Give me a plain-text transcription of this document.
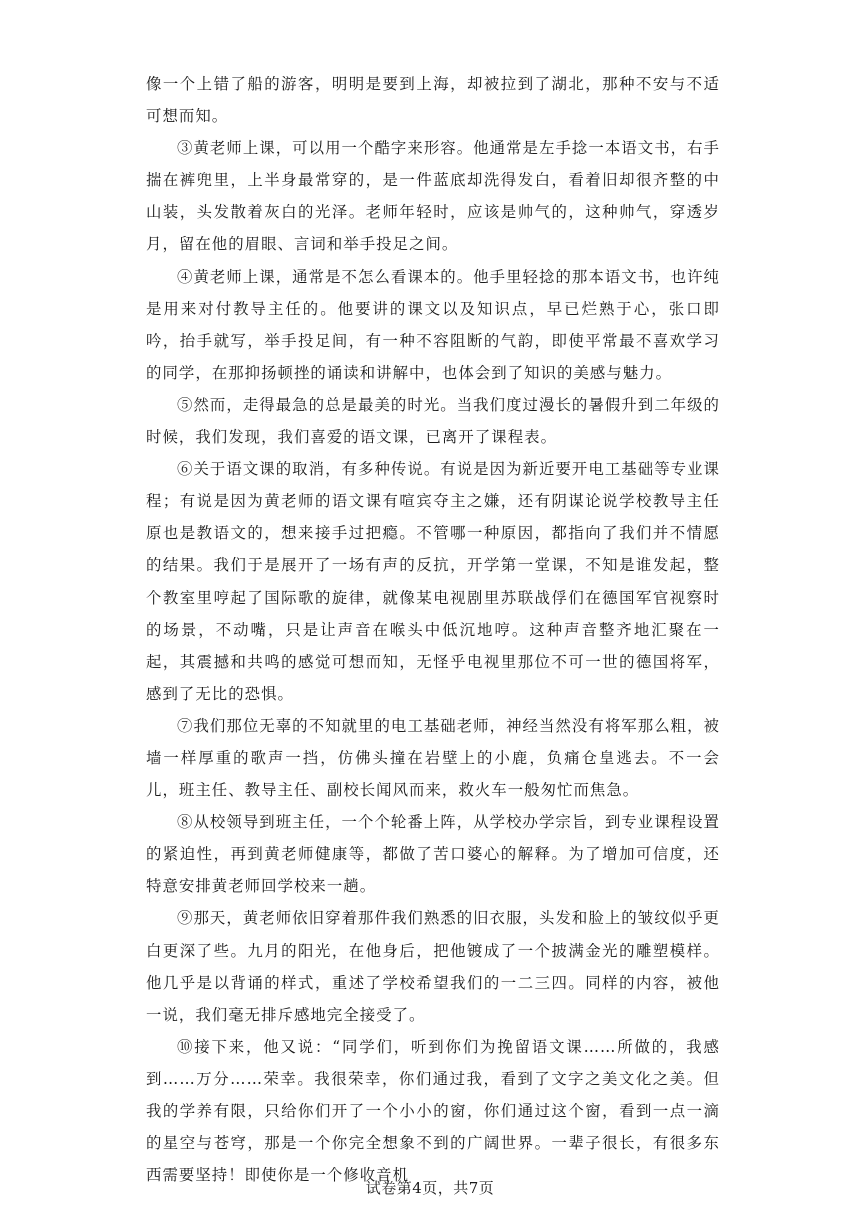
像一个上错了船的游客，明明是要到上海，却被拉到了湖北，那种不安与不适可想而知。

③黄老师上课，可以用一个酷字来形容。他通常是左手捻一本语文书，右手揣在裤兜里，上半身最常穿的，是一件蓝底却洗得发白，看着旧却很齐整的中山装，头发散着灰白的光泽。老师年轻时，应该是帅气的，这种帅气，穿透岁月，留在他的眉眼、言词和举手投足之间。

④黄老师上课，通常是不怎么看课本的。他手里轻捻的那本语文书，也许纯是用来对付教导主任的。他要讲的课文以及知识点，早已烂熟于心，张口即吟，抬手就写，举手投足间，有一种不容阻断的气韵，即使平常最不喜欢学习的同学，在那抑扬顿挫的诵读和讲解中，也体会到了知识的美感与魅力。

⑤然而，走得最急的总是最美的时光。当我们度过漫长的暑假升到二年级的时候，我们发现，我们喜爱的语文课，已离开了课程表。

⑥关于语文课的取消，有多种传说。有说是因为新近要开电工基础等专业课程；有说是因为黄老师的语文课有喧宾夺主之嫌，还有阴谋论说学校教导主任原也是教语文的，想来接手过把瘾。不管哪一种原因，都指向了我们并不情愿的结果。我们于是展开了一场有声的反抗，开学第一堂课，不知是谁发起，整个教室里哼起了国际歌的旋律，就像某电视剧里苏联战俘们在德国军官视察时的场景，不动嘴，只是让声音在喉头中低沉地哼。这种声音整齐地汇聚在一起，其震撼和共鸣的感觉可想而知，无怪乎电视里那位不可一世的德国将军，感到了无比的恐惧。

⑦我们那位无辜的不知就里的电工基础老师，神经当然没有将军那么粗，被墙一样厚重的歌声一挡，仿佛头撞在岩壁上的小鹿，负痛仓皇逃去。不一会儿，班主任、教导主任、副校长闻风而来，救火车一般匆忙而焦急。

⑧从校领导到班主任，一个个轮番上阵，从学校办学宗旨，到专业课程设置的紧迫性，再到黄老师健康等，都做了苦口婆心的解释。为了增加可信度，还特意安排黄老师回学校来一趟。

⑨那天，黄老师依旧穿着那件我们熟悉的旧衣服，头发和脸上的皱纹似乎更白更深了些。九月的阳光，在他身后，把他镀成了一个披满金光的雕塑模样。他几乎是以背诵的样式，重述了学校希望我们的一二三四。同样的内容，被他一说，我们毫无排斥感地完全接受了。

⑩接下来，他又说：“同学们，听到你们为挽留语文课……所做的，我感到……万分……荣幸。我很荣幸，你们通过我，看到了文字之美文化之美。但我的学养有限，只给你们开了一个小小的窗，你们通过这个窗，看到一点一滴的星空与苍穹，那是一个你完全想象不到的广阔世界。一辈子很长，有很多东西需要坚持！即使你是一个修收音机

试卷第4页，共7页
